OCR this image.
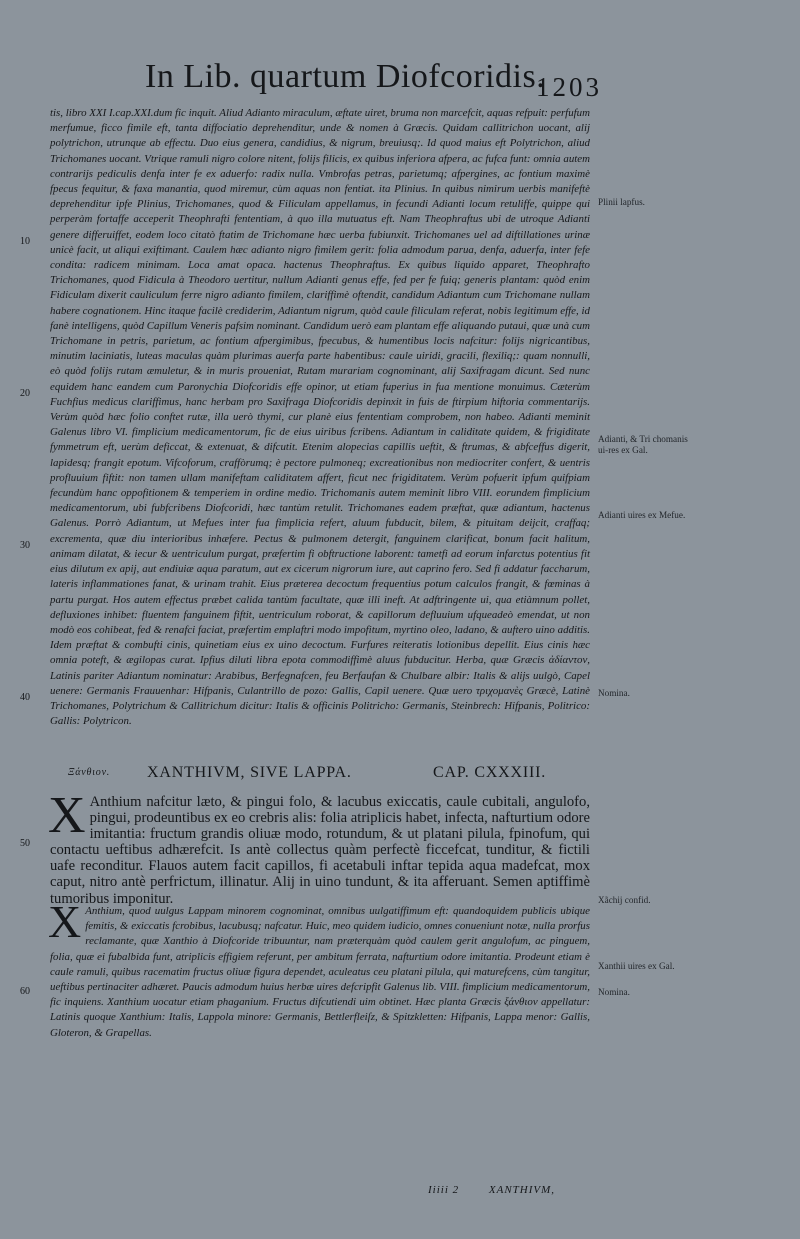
In Lib. quartum Diofcoridis.
1203
10
20
30
40
50
60
Plinii lapfus.
Adianti, & Tri chomanis ui-res ex Gal.
Adianti uires ex Mefue.
Nomina.
Xãchij confid.
Xanthii uires ex Gal.
Nomina.

tis, libro XXI I.cap.XXI.dum fic inquit. Aliud Adianto miraculum, æftate uiret, bruma non marcefcit, aquas refpuit: perfufum merfumue, ficco fimile eft, tanta diffociatio deprehenditur, unde & nomen à Græcis. Quidam callitrichon uocant, alij polytrichon, utrunque ab effectu. Duo eius genera, candidius, & nigrum, breuiusq;. Id quod maius eft Polytrichon, aliud Trichomanes uocant. Vtrique ramuli nigro colore nitent, folijs filicis, ex quibus inferiora afpera, ac fufca funt: omnia autem contrarijs pediculis denfa inter fe ex aduerfo: radix nulla. Vmbrofas petras, parietumq; afpergines, ac fontium maximè fpecus fequitur, & faxa manantia, quod miremur, cùm aquas non fentiat. ita Plinius. In quibus nimirum uerbis manifeftè deprehenditur ipfe Plinius, Trichomanes, quod & Filiculam appellamus, in fecundi Adianti locum retuliffe, quippe qui perperàm fortaffe acceperit Theophrafti fententiam, à quo illa mutuatus eft. Nam Theophraftus ubi de utroque Adianti genere differuiffet, eodem loco citatò ftatim de Trichomane hæc uerba fubiunxit. Trichomanes uel ad diftillationes urinæ unicè facit, ut aliqui exiftimant. Caulem hæc adianto nigro fimilem gerit: folia admodum parua, denfa, aduerfa, inter fefe condita: radicem minimam. Loca amat opaca. hactenus Theophraftus. Ex quibus liquido apparet, Theophrafto Trichomanes, quod Fidicula à Theodoro uertitur, nullum Adianti genus effe, fed per fe fuiq; generis plantam: quòd enim Fidiculam dixerit cauliculum ferre nigro adianto fimilem, clariffimè oftendit, candidum Adiantum cum Trichomane nullam habere cognationem. Hinc itaque facilè crediderim, Adiantum nigrum, quòd caule filiculam referat, nobis legitimum effe, id fanè intelligens, quòd Capillum Veneris pafsim nominant. Candidum uerò eam plantam effe aliquando putaui, quæ unà cum Trichomane in petris, parietum, ac fontium afpergimibus, fpecubus, & humentibus locis nafcitur: folijs nigricantibus, minutim laciniatis, luteas maculas quàm plurimas auerfa parte habentibus: caule uiridi, gracili, flexiliq;: quam nonnulli, eò quòd folijs rutam æmuletur, & in muris proueniat, Rutam murariam cognominant, alij Saxifragam dicunt. Sed nunc equidem hanc eandem cum Paronychia Diofcoridis effe opinor, ut etiam fuperius in fua mentione monuimus. Cæterùm Fuchfius medicus clariffimus, hanc herbam pro Saxifraga Diofcoridis depinxit in fuis de ftirpium hiftoria commentarijs. Verùm quòd hæc folio conftet rutæ, illa uerò thymi, cur planè eius fententiam comprobem, non habeo. Adianti meminit Galenus libro VI. fimplicium medicamentorum, fic de eius uiribus fcribens. Adiantum in caliditate quidem, & frigiditate fymmetrum eft, uerùm deficcat, & extenuat, & difcutit. Etenim alopecias capillis ueftit, & ftrumas, & abfceffus digerit, lapidesq; frangit epotum. Vifcoforum, craffòrumq; è pectore pulmoneq; excreationibus non mediocriter confert, & uentris profluuium fiftit: non tamen ullam manifeftam caliditatem affert, ficut nec frigiditatem. Verùm pofuerit ipfum quifpiam fecundùm hanc oppofitionem & temperiem in ordine medio. Trichomanis autem meminit libro VIII. eorundem fimplicium medicamentorum, ubi fubfcribens Diofcoridi, hæc tantùm retulit. Trichomanes eadem præftat, quæ adiantum, hactenus Galenus. Porrò Adiantum, ut Mefues inter fua fimplicia refert, aluum fubducit, bilem, & pituitam deijcit, craffaq; excrementa, quæ diu interioribus inhæfere. Pectus & pulmonem detergit, fanguinem clarificat, bonum facit halitum, animam dilatat, & iecur & uentriculum purgat, præfertim fi obftructione laborent: tametfi ad eorum infarctus potentius fit eius dilutum ex apij, aut endiuiæ aqua paratum, aut ex cicerum nigrorum iure, aut caprino fero. Sed fi addatur faccharum, lateris inflammationes fanat, & urinam trahit. Eius præterea decoctum frequentius potum calculos frangit, & fœminas à partu purgat. Hos autem effectus præbet calida tantùm facultate, quæ illi ineft. At adftringente ui, qua etiàmnum pollet, defluxiones inhibet: fluentem fanguinem fiftit, uentriculum roborat, & capillorum defluuium ufqueadeò emendat, ut non modò eos cohibeat, fed & renafci faciat, præfertim emplaftri modo impofitum, myrtino oleo, ladano, & auftero uino additis. Idem præftat & combufti cinis, quinetiam eius ex uino decoctum. Furfures reiteratis lotionibus depellit. Eius cinis hæc omnia poteft, & ægilopas curat. Ipfius diluti libra epota commodiffimè aluus fubducitur. Herba, quæ Græcis ἀδίαντον, Latinis pariter Adiantum nominatur: Arabibus, Berfegnafcen, feu Berfaufan & Chulbare albir: Italis & alijs uulgò, Capel uenere: Germanis Frauuenhar: Hifpanis, Culantrillo de pozo: Gallis, Capil uenere. Quæ uero τριχομανὲς Græcè, Latinè Trichomanes, Polytrichum & Callitrichum dicitur: Italis & officinis Politricho: Germanis, Steinbrech: Hifpanis, Politrico: Gallis: Polytricon.

Ξάνθιον. XANTHIVM, SIVE LAPPA.	CAP. CXXXIII.
X Anthium nafcitur læto, & pingui folo, & lacubus exiccatis, caule cubitali, angulofo, pingui, prodeuntibus ex eo crebris alis: folia atriplicis habet, infecta, nafturtium odore imitantia: fructum grandis oliuæ modo, rotundum, & ut platani pilula, fpinofum, qui contactu ueftibus adhærefcit. Is antè collectus quàm perfectè ficcefcat, tunditur, & fictili uafe reconditur. Flauos autem facit capillos, fi acetabuli inftar tepida aqua madefcat, mox caput, nitro antè perfrictum, illinatur. Alij in uino tundunt, & ita afferuant. Semen aptiffimè tumoribus imponitur.
X Anthium, quod uulgus Lappam minorem cognominat, omnibus uulgatiffimum eft: quandoquidem publicis ubique femitis, & exiccatis fcrobibus, lacubusq; nafcatur. Huic, meo quidem iudicio, omnes conueniunt notæ, nulla prorfus reclamante, quæ Xanthio à Diofcoride tribuuntur, nam præterquàm quòd caulem gerit angulofum, ac pinguem, folia, quæ ei fubalbida funt, atriplicis effigiem referunt, per ambitum ferrata, nafturtium odore imitantia. Prodeunt etiam è caule ramuli, quibus racematim fructus oliuæ figura dependet, aculeatus ceu platani pilula, qui maturefcens, cùm tangitur, ueftibus pertinaciter adhæret. Paucis admodum huius herbæ uires defcripfit Galenus lib. VIII. fimplicium medicamentorum, fic inquiens. Xanthium uocatur etiam phaganium. Fructus difcutiendi uim obtinet. Hæc planta Græcis ξάνθιον appellatur: Latinis quoque Xanthium: Italis, Lappola minore: Germanis, Bettlerfleiſz, & Spitzkletten: Hifpanis, Lappa menor: Gallis, Gloteron, & Grapellas.
Iiiii 2	XANTHIVM,
